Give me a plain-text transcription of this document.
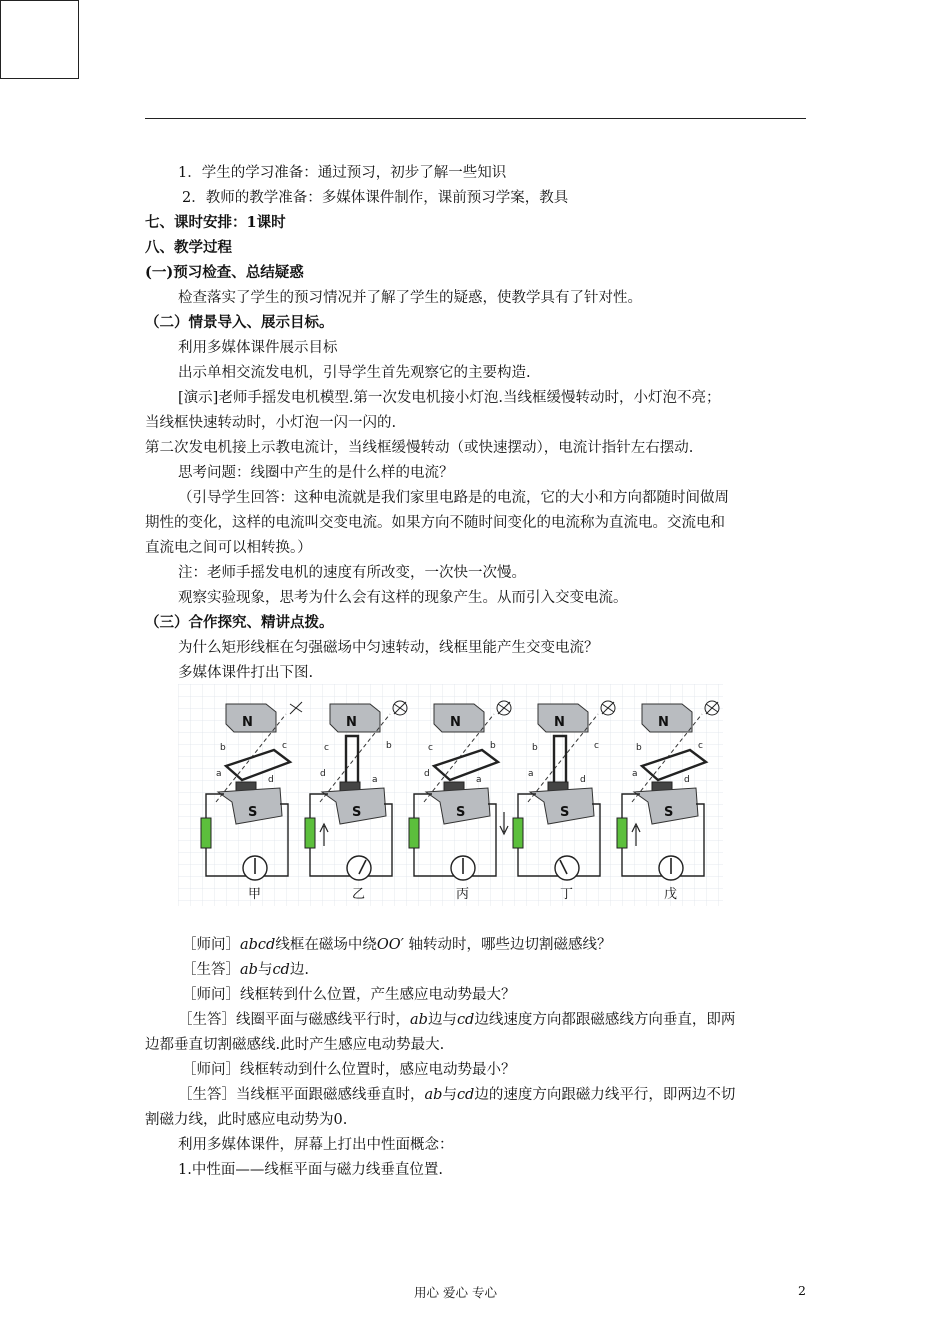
1．学生的学习准备：通过预习，初步了解一些知识
2．教师的教学准备：多媒体课件制作，课前预习学案，教具
七、课时安排：1课时
八、教学过程
(一)预习检查、总结疑惑
检查落实了学生的预习情况并了解了学生的疑惑，使教学具有了针对性。
（二）情景导入、展示目标。
利用多媒体课件展示目标
出示单相交流发电机，引导学生首先观察它的主要构造.
[演示]老师手摇发电机模型.第一次发电机接小灯泡.当线框缓慢转动时，小灯泡不亮；
当线框快速转动时，小灯泡一闪一闪的.
第二次发电机接上示教电流计，当线框缓慢转动（或快速摆动），电流计指针左右摆动.
思考问题：线圈中产生的是什么样的电流？
（引导学生回答：这种电流就是我们家里电路是的电流，它的大小和方向都随时间做周
期性的变化，这样的电流叫交变电流。如果方向不随时间变化的电流称为直流电。交流电和
直流电之间可以相转换。）
注：老师手摇发电机的速度有所改变，一次快一次慢。
观察实验现象，思考为什么会有这样的现象产生。从而引入交变电流。
（三）合作探究、精讲点拨。
为什么矩形线框在匀强磁场中匀速转动，线框里能产生交变电流？
多媒体课件打出下图.
N
b	c
a
d
S
甲
N
c	b
d
a
S
乙
N
c	b
d
a
S
丙
N
b	c
a
d
S
丁
N
b	c
a
d
S
戊
［师问］abcd线框在磁场中绕OO′ 轴转动时，哪些边切割磁感线？
［生答］ab与cd边.
［师问］线框转到什么位置，产生感应电动势最大？
［生答］线圈平面与磁感线平行时，ab边与cd边线速度方向都跟磁感线方向垂直，即两
边都垂直切割磁感线.此时产生感应电动势最大.
［师问］线框转动到什么位置时，感应电动势最小？
［生答］当线框平面跟磁感线垂直时，ab与cd边的速度方向跟磁力线平行，即两边不切
割磁力线，此时感应电动势为0.
利用多媒体课件，屏幕上打出中性面概念：
1.中性面——线框平面与磁力线垂直位置.
用心 爱心 专心	2
